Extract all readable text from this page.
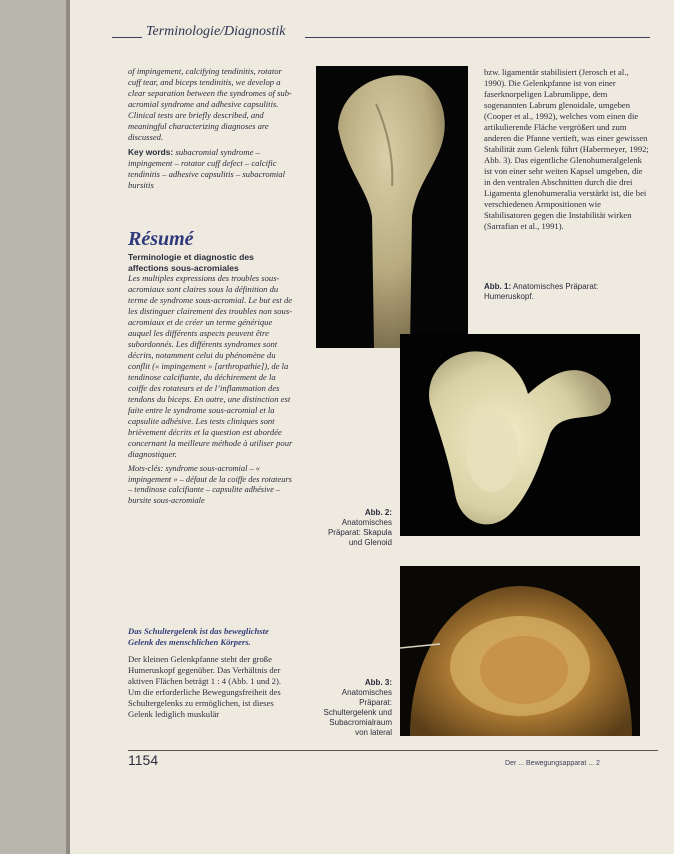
Terminologie/Diagnostik

of impingement, calcifying tendinitis, rotator cuff tear, and biceps tendinitis, we develop a clear separation between the syndromes of sub-acromial syndrome and adhesive capsulitis. Clinical tests are briefly described, and meaningful characterizing diagnoses are discussed.

Key words: subacromial syndrome – impingement – rotator cuff defect – calcific tendinitis – adhesive capsulitis – subacromial bursitis

Résumé

Terminologie et diagnostic des affections sous-acromiales

Les multiples expressions des troubles sous-acromiaux sont claires sous la définition du terme de syndrome sous-acromial. Le but est de les distinguer clairement des troubles non sous-acromiaux et de créer un terme générique auquel les différents aspects peuvent être subordonnés. Les différents syndromes sont décrits, notamment celui du phénomène du conflit (« impingement » [arthropathie]), de la tendinose calcifiante, du déchirement de la coiffe des rotateurs et de l’inflammation des tendons du biceps. En outre, une distinction est faite entre le syndrome sous-acromial et la capsulite adhésive. Les tests cliniques sont brièvement décrits et la question est abordée concernant la meilleure méthode à utiliser pour diagnostiquer.

Mots-clés: syndrome sous-acromial – « impingement » – défaut de la coiffe des rotateurs – tendinose calcifiante – capsulite adhésive – bursite sous-acromiale

Das Schultergelenk ist das beweglichste Gelenk des menschlichen Körpers.

Der kleinen Gelenkpfanne steht der große Humeruskopf gegenüber. Das Verhältnis der aktiven Flächen beträgt 1 : 4 (Abb. 1 und 2). Um die erforderliche Bewegungsfreiheit des Schultergelenks zu ermöglichen, ist dieses Gelenk lediglich muskulär

Abb. 1: Anatomisches Präparat: Humeruskopf.
Abb. 2:
Anatomisches Präparat: Skapula und Glenoid
Abb. 3:
Anatomisches Präparat: Schultergelenk und Subacromialraum von lateral
bzw. ligamentär stabilisiert (Jerosch et al., 1990). Die Gelenkpfanne ist von einer faserknorpeligen Labrumlippe, dem sogenannten Labrum glenoidale, umgeben (Cooper et al., 1992), welches vom einen die artikulierende Fläche vergrößert und zum anderen die Pfanne vertieft, was einer gewissen Stabilität zum Gelenk führt (Habermeyer, 1992; Abb. 3). Das eigentliche Glenohumeralgelenk ist von einer sehr weiten Kapsel umgeben, die in den ventralen Abschnitten durch die drei Ligamenta glenohumeralia verstärkt ist, die bei verschiedenen Armpositionen wie Stabilisatoren gegen die Instabilität wirken (Sarrafian et al., 1991).
1154	Der ... Bewegungsapparat ... 2
